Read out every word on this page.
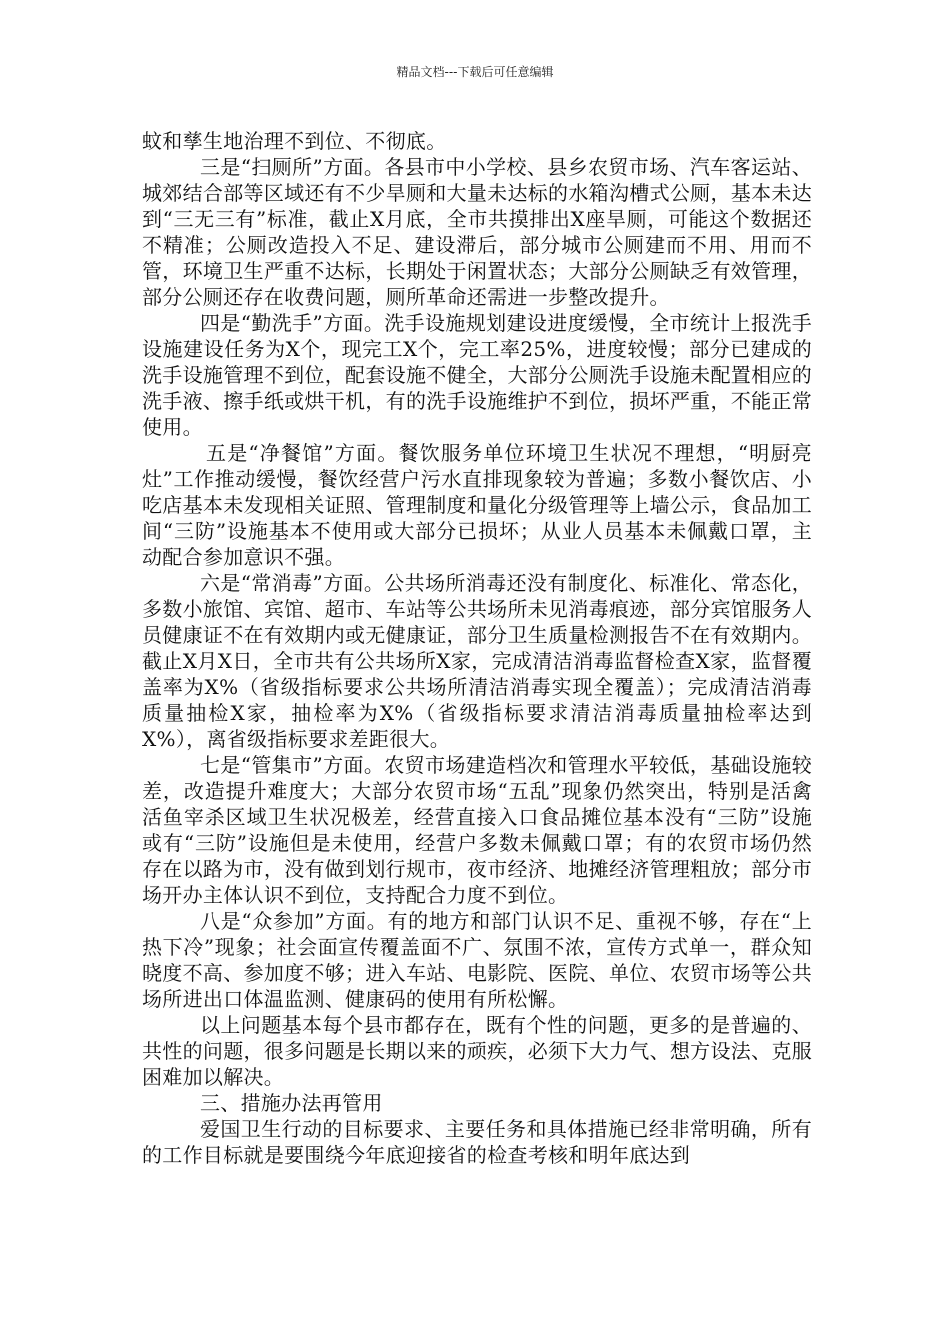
精品文档---下载后可任意编辑

蚊和孳生地治理不到位、不彻底。

三是“扫厕所”方面。各县市中小学校、县乡农贸市场、汽车客运站、城郊结合部等区域还有不少旱厕和大量未达标的水箱沟槽式公厕，基本未达到“三无三有”标准，截止X月底，全市共摸排出X座旱厕，可能这个数据还不精准；公厕改造投入不足、建设滞后，部分城市公厕建而不用、用而不管，环境卫生严重不达标，长期处于闲置状态；大部分公厕缺乏有效管理，部分公厕还存在收费问题，厕所革命还需进一步整改提升。

四是“勤洗手”方面。洗手设施规划建设进度缓慢，全市统计上报洗手设施建设任务为X个，现完工X个，完工率25%，进度较慢；部分已建成的洗手设施管理不到位，配套设施不健全，大部分公厕洗手设施未配置相应的洗手液、擦手纸或烘干机，有的洗手设施维护不到位，损坏严重，不能正常使用。

五是“净餐馆”方面。餐饮服务单位环境卫生状况不理想，“明厨亮灶”工作推动缓慢，餐饮经营户污水直排现象较为普遍；多数小餐饮店、小吃店基本未发现相关证照、管理制度和量化分级管理等上墙公示，食品加工间“三防”设施基本不使用或大部分已损坏；从业人员基本未佩戴口罩，主动配合参加意识不强。

六是“常消毒”方面。公共场所消毒还没有制度化、标准化、常态化，多数小旅馆、宾馆、超市、车站等公共场所未见消毒痕迹，部分宾馆服务人员健康证不在有效期内或无健康证，部分卫生质量检测报告不在有效期内。截止X月X日，全市共有公共场所X家，完成清洁消毒监督检查X家，监督覆盖率为X%（省级指标要求公共场所清洁消毒实现全覆盖）；完成清洁消毒质量抽检X家，抽检率为X%（省级指标要求清洁消毒质量抽检率达到X%），离省级指标要求差距很大。

七是“管集市”方面。农贸市场建造档次和管理水平较低，基础设施较差，改造提升难度大；大部分农贸市场“五乱”现象仍然突出，特别是活禽活鱼宰杀区域卫生状况极差，经营直接入口食品摊位基本没有“三防”设施或有“三防”设施但是未使用，经营户多数未佩戴口罩；有的农贸市场仍然存在以路为市，没有做到划行规市，夜市经济、地摊经济管理粗放；部分市场开办主体认识不到位，支持配合力度不到位。

八是“众参加”方面。有的地方和部门认识不足、重视不够，存在“上热下冷”现象；社会面宣传覆盖面不广、氛围不浓，宣传方式单一，群众知晓度不高、参加度不够；进入车站、电影院、医院、单位、农贸市场等公共场所进出口体温监测、健康码的使用有所松懈。

以上问题基本每个县市都存在，既有个性的问题，更多的是普遍的、共性的问题，很多问题是长期以来的顽疾，必须下大力气、想方设法、克服困难加以解决。

三、措施办法再管用

爱国卫生行动的目标要求、主要任务和具体措施已经非常明确，所有的工作目标就是要围绕今年底迎接省的检查考核和明年底达到
